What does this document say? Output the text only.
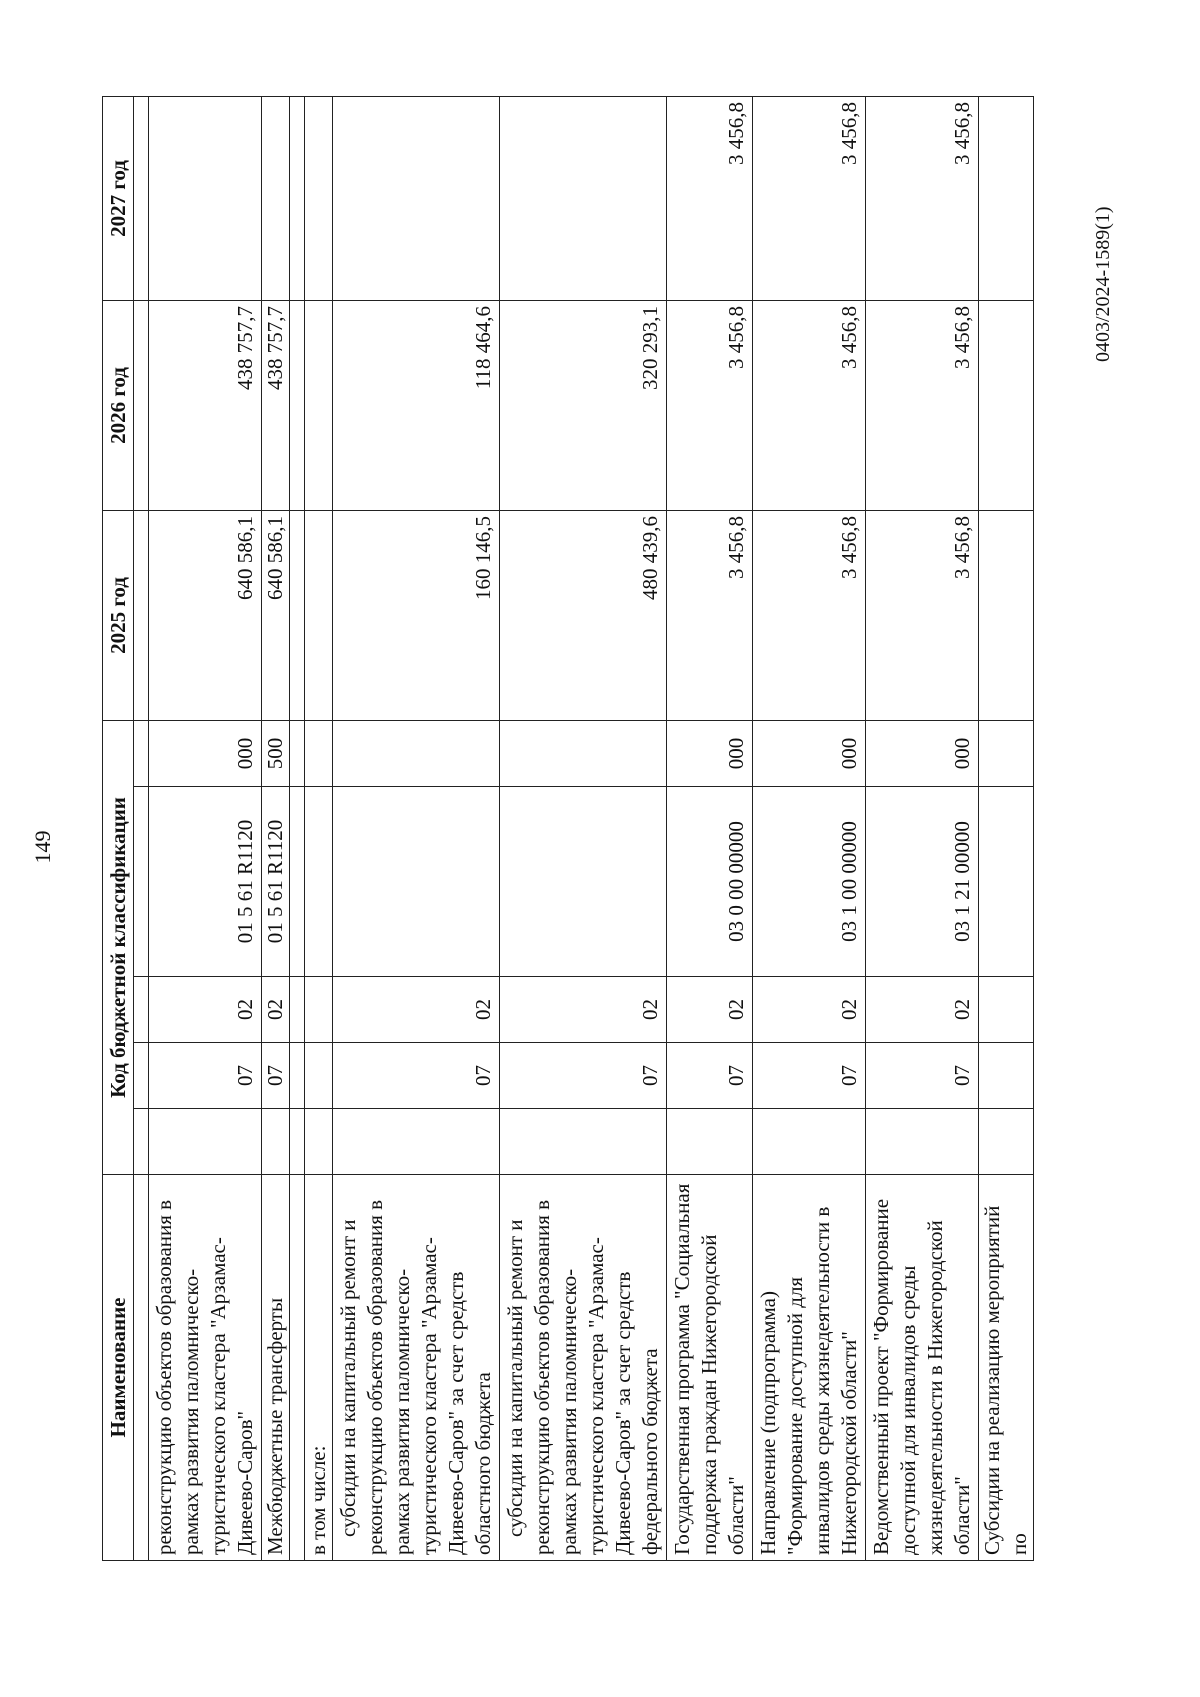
149
Наименование	Код бюджетной классификации					2025 год	2026 год	2027 год

реконструкцию объектов образования в рамках развития паломническо-туристического кластера "Арзамас-Дивеево-Саров"		07	02	01 5 61 R1120	000	640 586,1	438 757,7	
Межбюджетные трансферты		07	02	01 5 61 R1120	500	640 586,1	438 757,7	

в том числе:								
субсидии на капитальный ремонт и реконструкцию объектов образования в рамках развития паломническо-туристического кластера "Арзамас-Дивеево-Саров" за счет средств областного бюджета		07	02			160 146,5	118 464,6	
субсидии на капитальный ремонт и реконструкцию объектов образования в рамках развития паломническо-туристического кластера "Арзамас-Дивеево-Саров" за счет средств федерального бюджета		07	02			480 439,6	320 293,1	
Государственная программа "Социальная поддержка граждан Нижегородской области"		07	02	03 0 00 00000	000	3 456,8	3 456,8	3 456,8
Направление (подпрограмма) "Формирование доступной для инвалидов среды жизнедеятельности в Нижегородской области"		07	02	03 1 00 00000	000	3 456,8	3 456,8	3 456,8
Ведомственный проект "Формирование доступной для инвалидов среды жизнедеятельности в Нижегородской области"		07	02	03 1 21 00000	000	3 456,8	3 456,8	3 456,8
Субсидии на реализацию мероприятий по								
0403/2024-1589(1)
